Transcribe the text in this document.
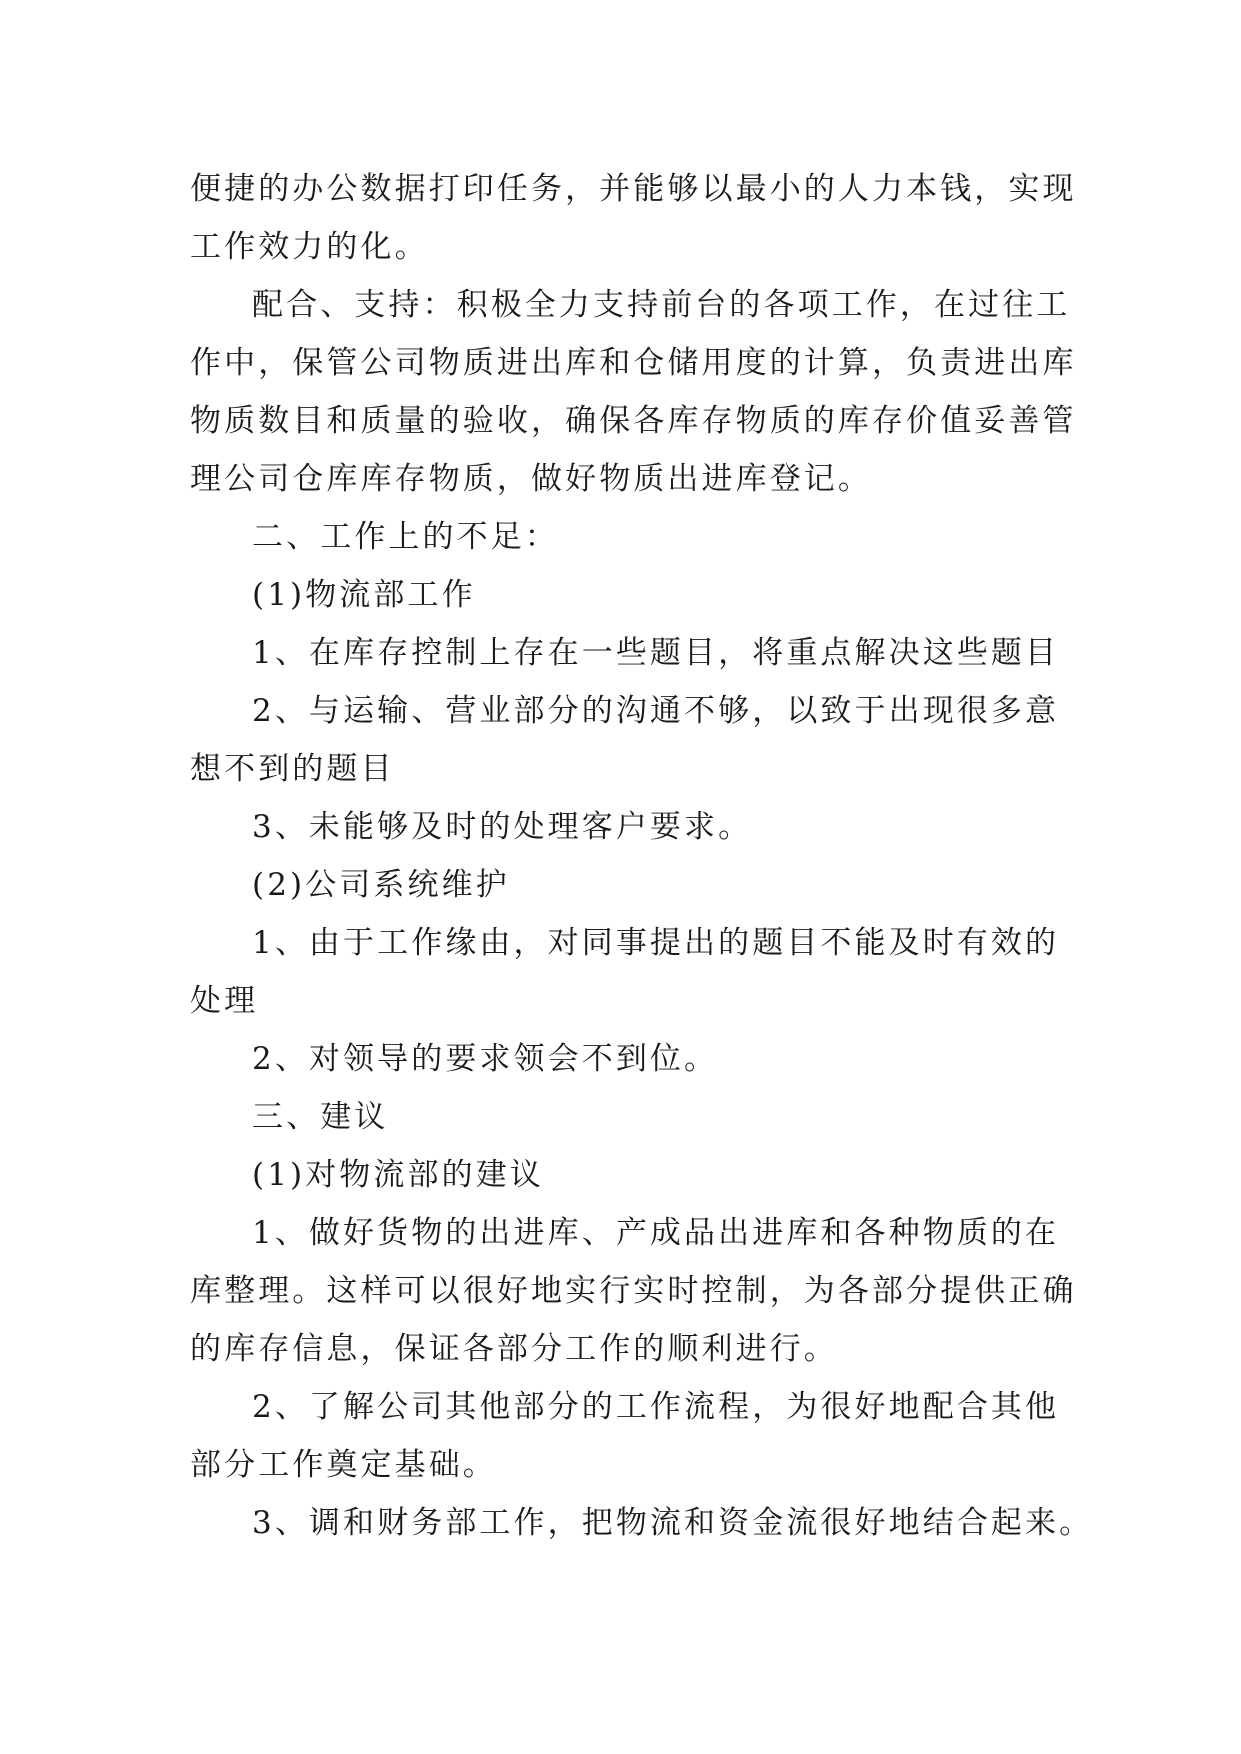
便捷的办公数据打印任务，并能够以最小的人力本钱，实现
工作效力的化。
配合、支持：积极全力支持前台的各项工作，在过往工
作中，保管公司物质进出库和仓储用度的计算，负责进出库
物质数目和质量的验收，确保各库存物质的库存价值妥善管
理公司仓库库存物质，做好物质出进库登记。
二、工作上的不足：
(1)物流部工作
1、在库存控制上存在一些题目，将重点解决这些题目
2、与运输、营业部分的沟通不够，以致于出现很多意
想不到的题目
3、未能够及时的处理客户要求。
(2)公司系统维护
1、由于工作缘由，对同事提出的题目不能及时有效的
处理
2、对领导的要求领会不到位。
三、建议
(1)对物流部的建议
1、做好货物的出进库、产成品出进库和各种物质的在
库整理。这样可以很好地实行实时控制，为各部分提供正确
的库存信息，保证各部分工作的顺利进行。
2、了解公司其他部分的工作流程，为很好地配合其他
部分工作奠定基础。
3、调和财务部工作，把物流和资金流很好地结合起来。
